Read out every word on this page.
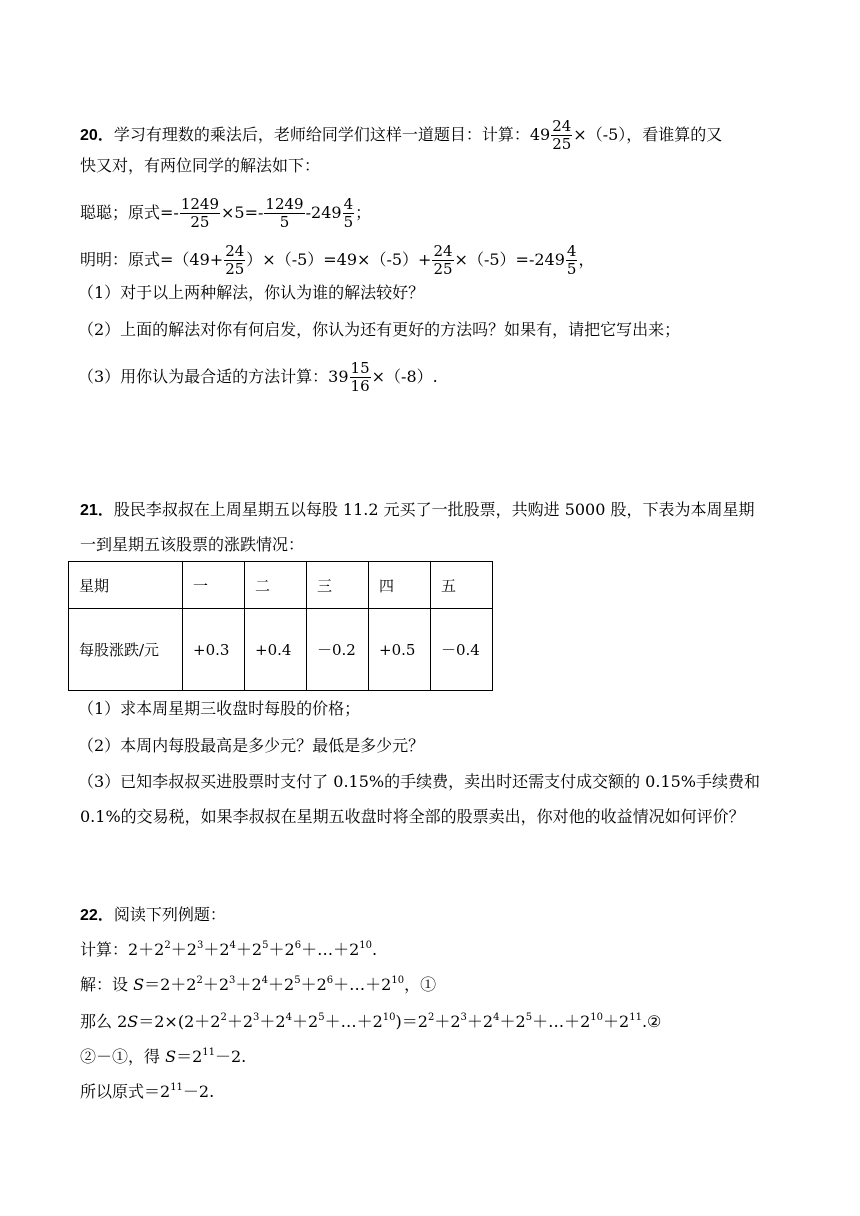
20．学习有理数的乘法后，老师给同学们这样一道题目：计算：$49 \frac{24}{25} \times(-5)$，看谁算的又
快又对，有两位同学的解法如下：
聪聪；原式=- $\frac{1249}{25} \times 5=- \frac{1249}{5} -249 \frac{4}{5}$ ；
明明：原式$=(49+ \frac{24}{25} )\times(-5)=49\times(-5)+ \frac{24}{25} \times(-5)=-249 \frac{4}{5}$ ，
（1）对于以上两种解法，你认为谁的解法较好？
（2）上面的解法对你有何启发，你认为还有更好的方法吗？如果有，请把它写出来；
（3）用你认为最合适的方法计算：$39 \frac{15}{16} \times(-8)$.
21．股民李叔叔在上周星期五以每股 11.2 元买了一批股票，共购进 5000 股，下表为本周星期
一到星期五该股票的涨跌情况：
星期	一	二	三	四	五
每股涨跌/元	+0.3	+0.4	－0.2	+0.5	－0.4
（1）求本周星期三收盘时每股的价格；
（2）本周内每股最高是多少元？最低是多少元？
（3）已知李叔叔买进股票时支付了 0.15%的手续费，卖出时还需支付成交额的 0.15%手续费和
0.1%的交易税，如果李叔叔在星期五收盘时将全部的股票卖出，你对他的收益情况如何评价？
22．阅读下列例题：
计算：$2+2^2+2^3+2^4+2^5+2^6+\dots+2^{10}$.
解：设 $S=2+2^2+2^3+2^4+2^5+2^6+\dots+2^{10}$，①
那么 $2S=2\times(2+2^2+2^3+2^4+2^5+\dots+2^{10})=2^2+2^3+2^4+2^5+\dots+2^{10}+2^{11}.②$
②－①，得 $S=2^{11}-2$.
所以原式$=2^{11}-2$.
